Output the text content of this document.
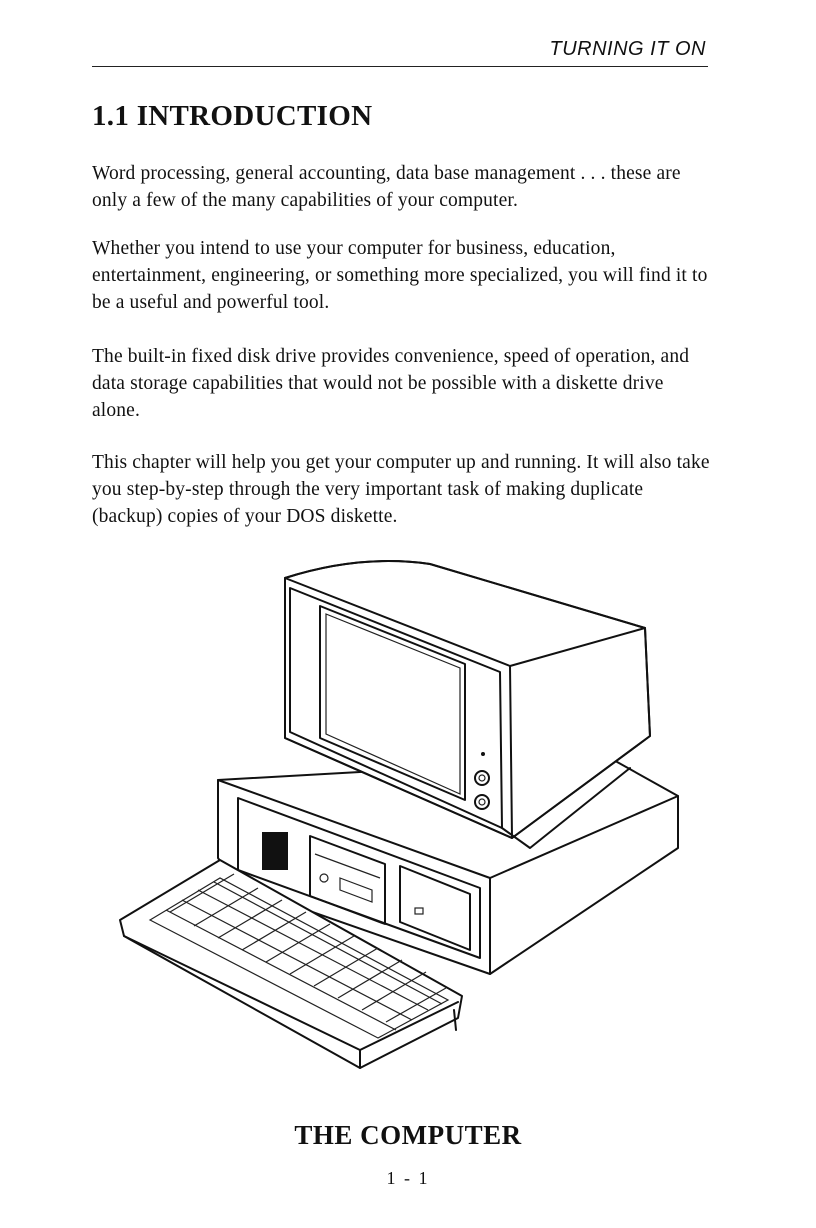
TURNING IT ON
1.1 INTRODUCTION

Word processing, general accounting, data base management . . . these are only a few of the many capabilities of your computer.

Whether you intend to use your computer for business, education, entertainment, engineering, or something more specialized, you will find it to be a useful and powerful tool.

The built-in fixed disk drive provides convenience, speed of operation, and data storage capabilities that would not be possible with a diskette drive alone.

This chapter will help you get your computer up and running. It will also take you step-by-step through the very important task of making duplicate (backup) copies of your DOS diskette.

THE COMPUTER
1 - 1
